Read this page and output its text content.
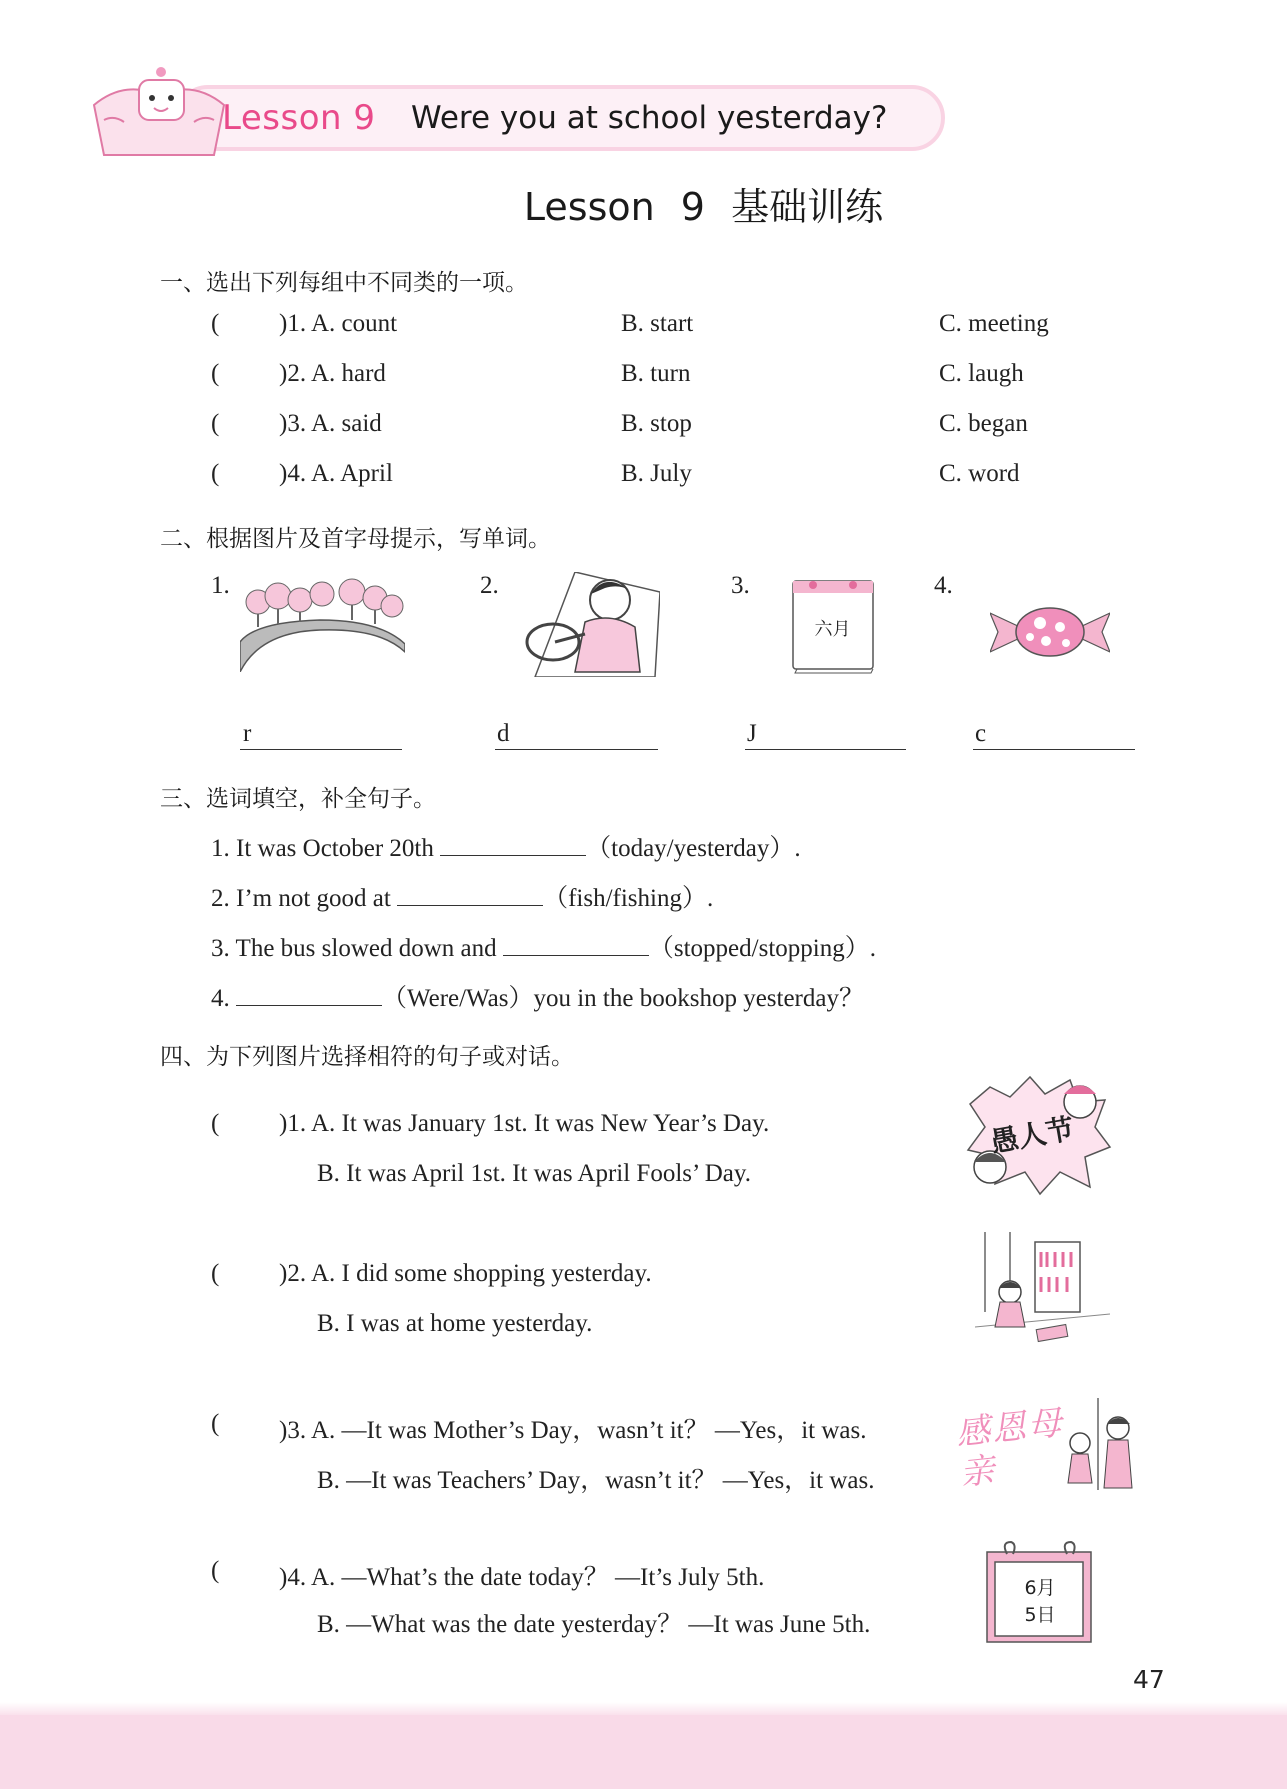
Lesson 9 Were you at school yesterday?
Lesson 9 基础训练
一、选出下列每组中不同类的一项。
( )1. A. count	B. start	C. meeting
( )2. A. hard	B. turn	C. laugh
( )3. A. said	B. stop	C. began
( )4. A. April	B. July	C. word
二、根据图片及首字母提示，写单词。
1.
r
2.
d
3.
六月
J
4.
c
三、选词填空，补全句子。
1. It was October 20th	（today/yesterday）.
2. I’m not good at	（fish/fishing）.
3. The bus slowed down and	（stopped/stopping）.
4.	（Were/Was）you in the bookshop yesterday？
四、为下列图片选择相符的句子或对话。
( )1. A. It was January 1st. It was New Year’s Day.
B. It was April 1st. It was April Fools’ Day.
愚人节
( )2. A. I did some shopping yesterday.
B. I was at home yesterday.
( )3. A. —It was Mother’s Day，wasn’t it？ —Yes，it was.
B. —It was Teachers’ Day，wasn’t it？ —Yes，it was.
感恩母亲
( )4. A. —What’s the date today？ —It’s July 5th.
B. —What was the date yesterday？ —It was June 5th.
6月
5日
47
